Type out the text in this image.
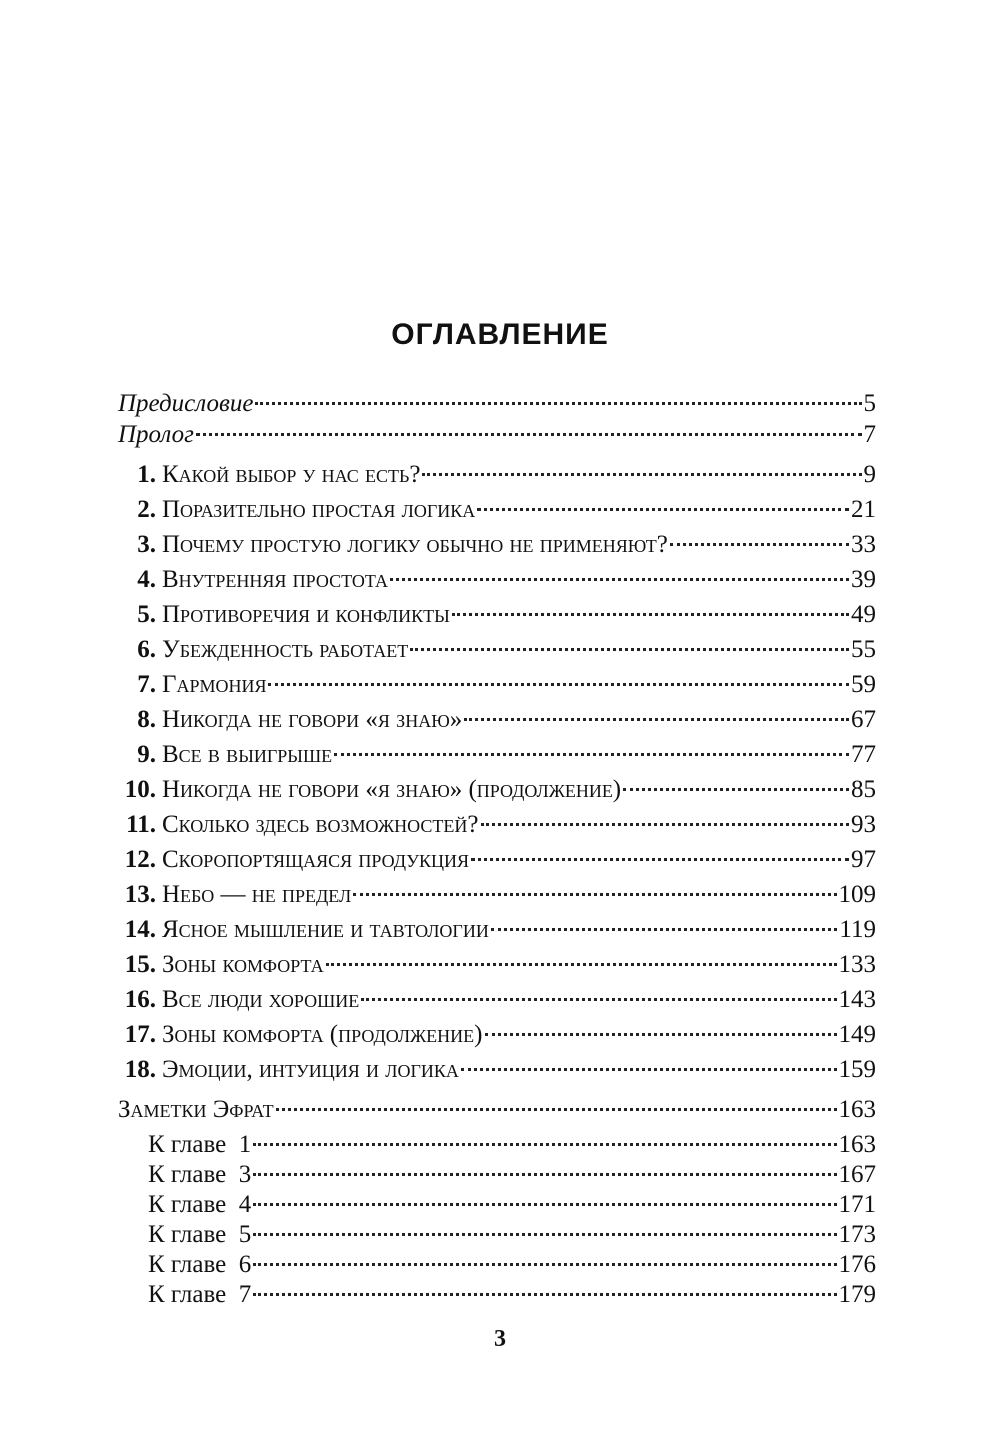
ОГЛАВЛЕНИЕ
Предисловие	5
Пролог	7
1. Какой выбор у нас есть?	9
2. Поразительно простая логика	21
3. Почему простую логику обычно не применяют?	33
4. Внутренняя простота	39
5. Противоречия и конфликты	49
6. Убежденность работает	55
7. Гармония	59
8. Никогда не говори «я знаю»	67
9. Все в выигрыше	77
10. Никогда не говори «я знаю» (продолжение)	85
11. Сколько здесь возможностей?	93
12. Скоропортящаяся продукция	97
13. Небо — не предел	109
14. Ясное мышление и тавтологии	119
15. Зоны комфорта	133
16. Все люди хорошие	143
17. Зоны комфорта (продолжение)	149
18. Эмоции, интуиция и логика	159
Заметки Эфрат	163
К главе  1	163
К главе  3	167
К главе  4	171
К главе  5	173
К главе  6	176
К главе  7	179
3
